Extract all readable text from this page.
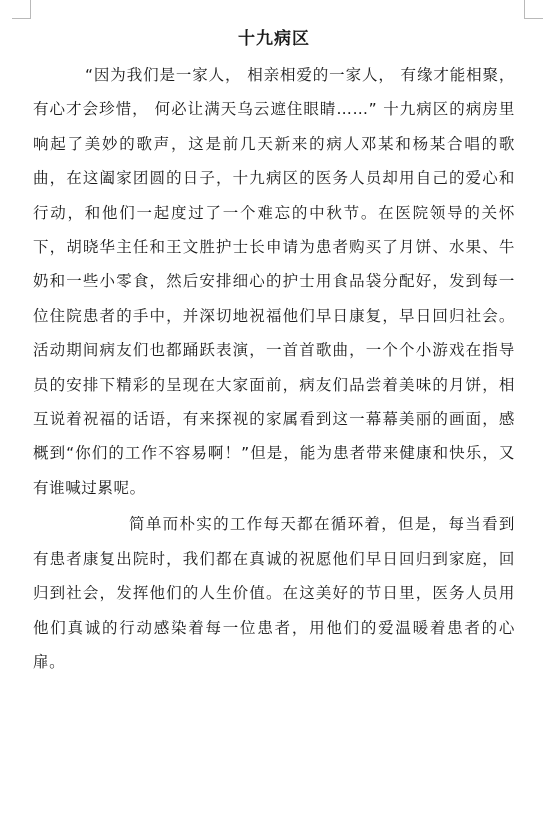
十九病区

“因为我们是一家人， 相亲相爱的一家人， 有缘才能相聚， 有心才会珍惜， 何必让满天乌云遮住眼睛……” 十九病区的病房里响起了美妙的歌声，这是前几天新来的病人邓某和杨某合唱的歌曲，在这阖家团圆的日子，十九病区的医务人员却用自己的爱心和行动，和他们一起度过了一个难忘的中秋节。在医院领导的关怀下，胡晓华主任和王文胜护士长申请为患者购买了月饼、水果、牛奶和一些小零食，然后安排细心的护士用食品袋分配好，发到每一位住院患者的手中，并深切地祝福他们早日康复，早日回归社会。活动期间病友们也都踊跃表演，一首首歌曲，一个个小游戏在指导员的安排下精彩的呈现在大家面前，病友们品尝着美味的月饼，相互说着祝福的话语，有来探视的家属看到这一幕幕美丽的画面，感概到“你们的工作不容易啊！”但是，能为患者带来健康和快乐，又有谁喊过累呢。

简单而朴实的工作每天都在循环着，但是，每当看到有患者康复出院时，我们都在真诚的祝愿他们早日回归到家庭，回归到社会，发挥他们的人生价值。在这美好的节日里，医务人员用他们真诚的行动感染着每一位患者，用他们的爱温暖着患者的心扉。
